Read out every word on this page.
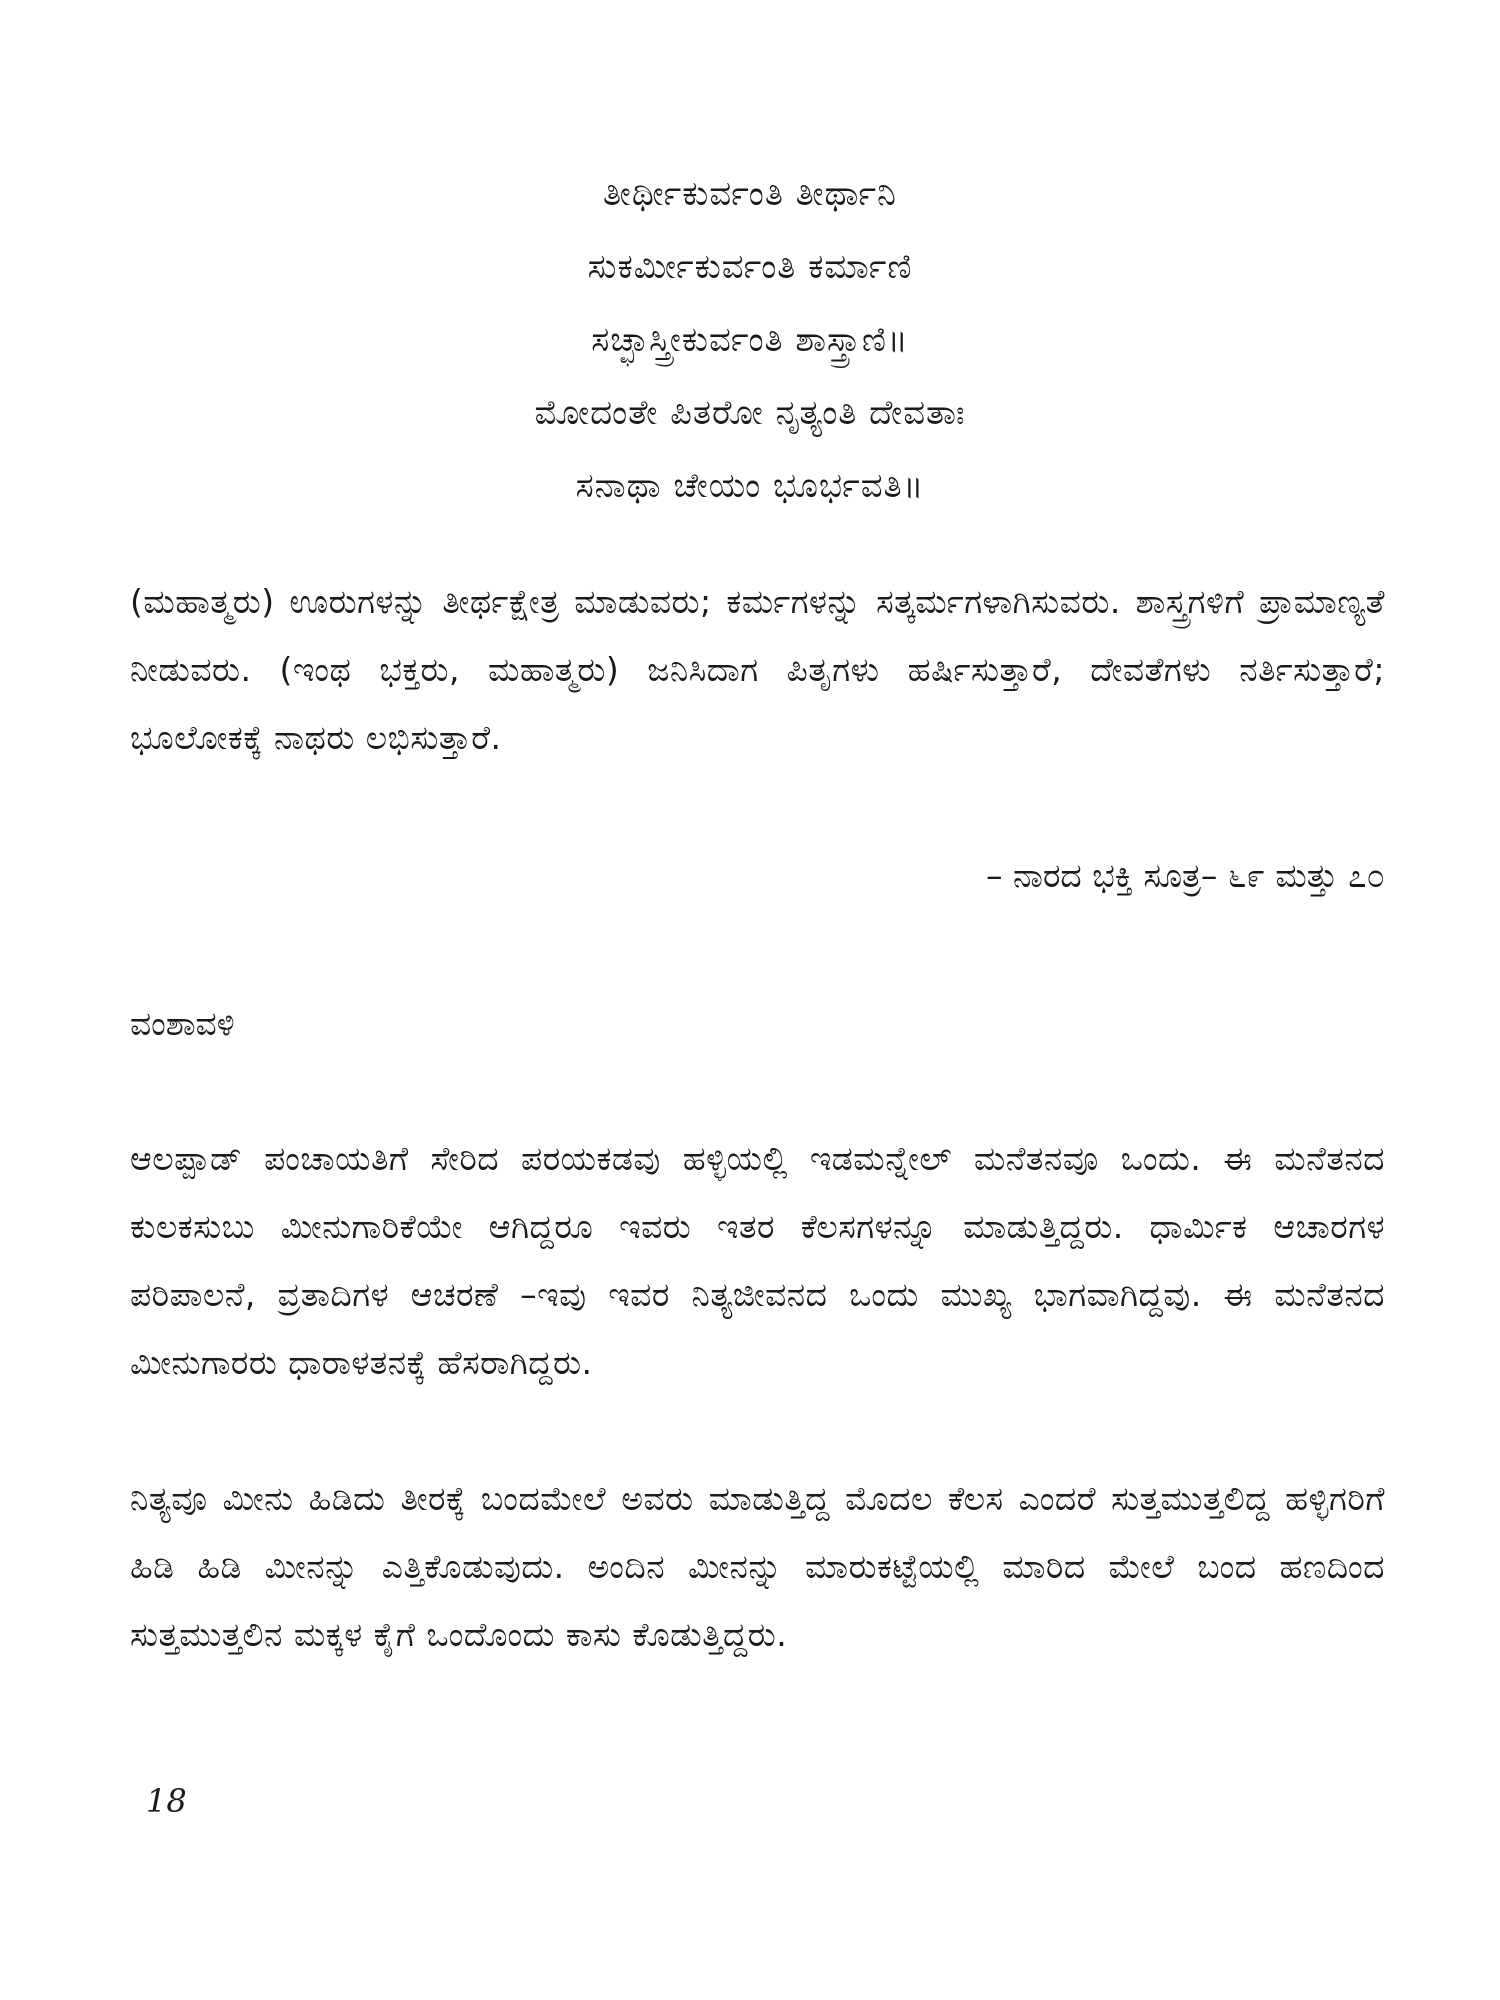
ತೀರ್ಥೀಕುರ್ವಂತಿ ತೀರ್ಥಾನಿ
ಸುಕರ್ಮೀಕುರ್ವಂತಿ ಕರ್ಮಾಣಿ
ಸಚ್ಛಾಸ್ತ್ರೀಕುರ್ವಂತಿ ಶಾಸ್ತ್ರಾಣಿ॥
ಮೋದಂತೇ ಪಿತರೋ ನೃತ್ಯಂತಿ ದೇವತಾಃ
ಸನಾಥಾ ಚೇಯಂ ಭೂರ್ಭವತಿ॥
(ಮಹಾತ್ಮರು) ಊರುಗಳನ್ನು ತೀರ್ಥಕ್ಷೇತ್ರ ಮಾಡುವರು; ಕರ್ಮಗಳನ್ನು ಸತ್ಕರ್ಮಗಳಾಗಿಸುವರು. ಶಾಸ್ತ್ರಗಳಿಗೆ ಪ್ರಾಮಾಣ್ಯತೆ ನೀಡುವರು. (ಇಂಥ ಭಕ್ತರು, ಮಹಾತ್ಮರು) ಜನಿಸಿದಾಗ ಪಿತೃಗಳು ಹರ್ಷಿಸುತ್ತಾರೆ, ದೇವತೆಗಳು ನರ್ತಿಸುತ್ತಾರೆ; ಭೂಲೋಕಕ್ಕೆ ನಾಥರು ಲಭಿಸುತ್ತಾರೆ.
– ನಾರದ ಭಕ್ತಿ ಸೂತ್ರ– ೬೯ ಮತ್ತು ೭೦
ವಂಶಾವಳಿ
ಆಲಪ್ಪಾಡ್ ಪಂಚಾಯತಿಗೆ ಸೇರಿದ ಪರಯಕಡವು ಹಳ್ಳಿಯಲ್ಲಿ ಇಡಮನ್ನೇಲ್ ಮನೆತನವೂ ಒಂದು. ಈ ಮನೆತನದ ಕುಲಕಸುಬು ಮೀನುಗಾರಿಕೆಯೇ ಆಗಿದ್ದರೂ ಇವರು ಇತರ ಕೆಲಸಗಳನ್ನೂ ಮಾಡುತ್ತಿದ್ದರು. ಧಾರ್ಮಿಕ ಆಚಾರಗಳ ಪರಿಪಾಲನೆ, ವ್ರತಾದಿಗಳ ಆಚರಣೆ –ಇವು ಇವರ ನಿತ್ಯಜೀವನದ ಒಂದು ಮುಖ್ಯ ಭಾಗವಾಗಿದ್ದವು. ಈ ಮನೆತನದ ಮೀನುಗಾರರು ಧಾರಾಳತನಕ್ಕೆ ಹೆಸರಾಗಿದ್ದರು.
ನಿತ್ಯವೂ ಮೀನು ಹಿಡಿದು ತೀರಕ್ಕೆ ಬಂದಮೇಲೆ ಅವರು ಮಾಡುತ್ತಿದ್ದ ಮೊದಲ ಕೆಲಸ ಎಂದರೆ ಸುತ್ತಮುತ್ತಲಿದ್ದ ಹಳ್ಳಿಗರಿಗೆ ಹಿಡಿ ಹಿಡಿ ಮೀನನ್ನು ಎತ್ತಿಕೊಡುವುದು. ಅಂದಿನ ಮೀನನ್ನು ಮಾರುಕಟ್ಟೆಯಲ್ಲಿ ಮಾರಿದ ಮೇಲೆ ಬಂದ ಹಣದಿಂದ ಸುತ್ತಮುತ್ತಲಿನ ಮಕ್ಕಳ ಕೈಗೆ ಒಂದೊಂದು ಕಾಸು ಕೊಡುತ್ತಿದ್ದರು.
18
